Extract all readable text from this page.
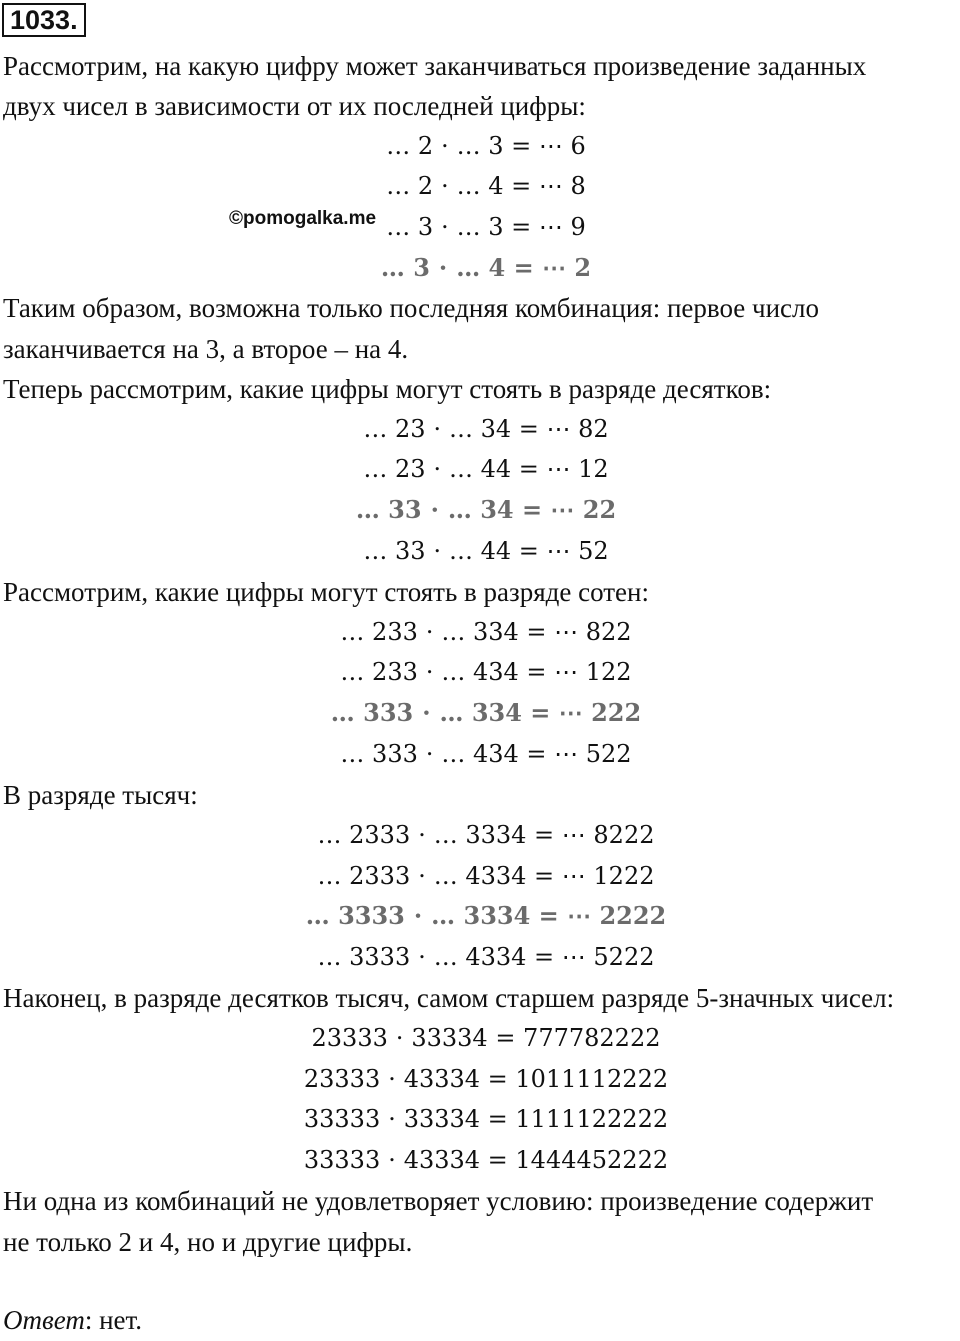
1033.
Рассмотрим, на какую цифру может заканчиваться произведение заданных
двух чисел в зависимости от их последней цифры:
… 2 ⋅ … 3 = ⋯ 6
… 2 ⋅ … 4 = ⋯ 8
… 3 ⋅ … 3 = ⋯ 9
… 3 ⋅ … 4 = ⋯ 2
©pomogalka.me
Таким образом, возможна только последняя комбинация: первое число
заканчивается на 3, а второе – на 4.
Теперь рассмотрим, какие цифры могут стоять в разряде десятков:
… 23 ⋅ … 34 = ⋯ 82
… 23 ⋅ … 44 = ⋯ 12
… 33 ⋅ … 34 = ⋯ 22
… 33 ⋅ … 44 = ⋯ 52
Рассмотрим, какие цифры могут стоять в разряде сотен:
… 233 ⋅ … 334 = ⋯ 822
… 233 ⋅ … 434 = ⋯ 122
… 333 ⋅ … 334 = ⋯ 222
… 333 ⋅ … 434 = ⋯ 522
В разряде тысяч:
… 2333 ⋅ … 3334 = ⋯ 8222
… 2333 ⋅ … 4334 = ⋯ 1222
… 3333 ⋅ … 3334 = ⋯ 2222
… 3333 ⋅ … 4334 = ⋯ 5222
Наконец, в разряде десятков тысяч, самом старшем разряде 5-значных чисел:
23333 ⋅ 33334 = 777782222
23333 ⋅ 43334 = 1011112222
33333 ⋅ 33334 = 1111122222
33333 ⋅ 43334 = 1444452222
Ни одна из комбинаций не удовлетворяет условию: произведение содержит
не только 2 и 4, но и другие цифры.
Ответ: нет.
